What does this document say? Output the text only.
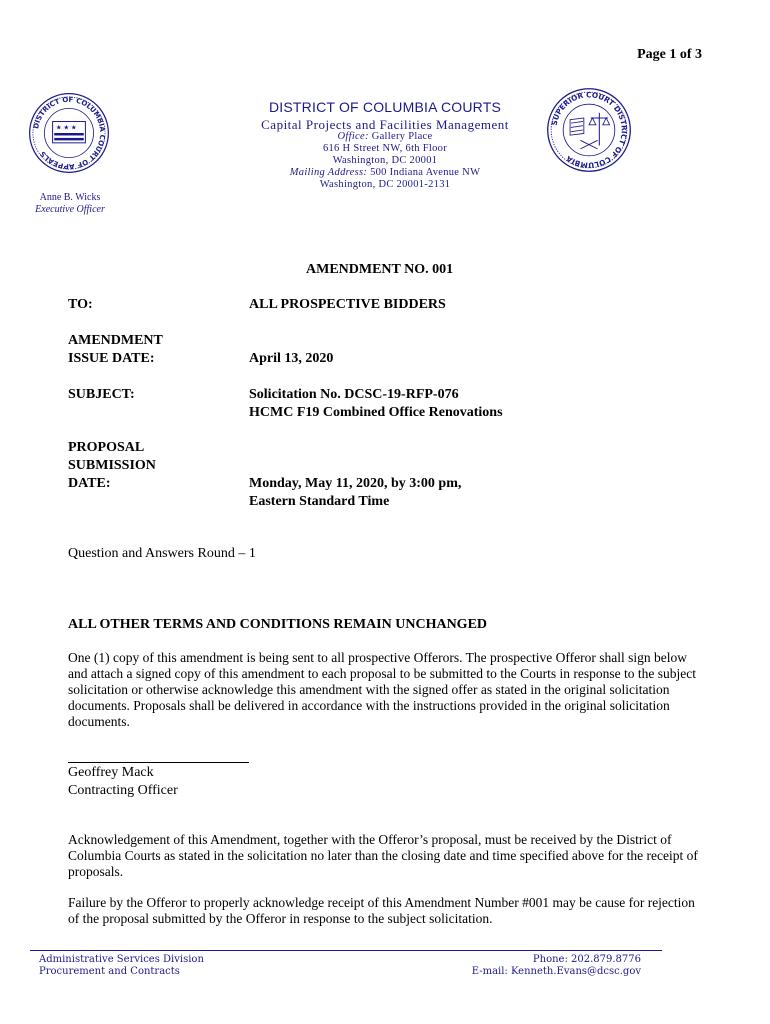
Page 1 of 3
DISTRICT OF COLUMBIA COURT OF APPEALS
★ ★ ★
SUPERIOR COURT DISTRICT OF COLUMBIA
DISTRICT OF COLUMBIA COURTS
Capital Projects and Facilities Management
Office: Gallery Place
616 H Street NW, 6th Floor
Washington, DC 20001
Mailing Address: 500 Indiana Avenue NW
Washington, DC 20001-2131
Anne B. Wicks
Executive Officer
AMENDMENT NO. 001
TO:	ALL PROSPECTIVE BIDDERS
AMENDMENT
ISSUE DATE:	April 13, 2020
SUBJECT:	Solicitation No. DCSC-19-RFP-076
HCMC F19 Combined Office Renovations
PROPOSAL
SUBMISSION
DATE:	Monday, May 11, 2020, by 3:00 pm,
Eastern Standard Time
Question and Answers Round – 1
ALL OTHER TERMS AND CONDITIONS REMAIN UNCHANGED
One (1) copy of this amendment is being sent to all prospective Offerors. The prospective Offeror shall sign below and attach a signed copy of this amendment to each proposal to be submitted to the Courts in response to the subject solicitation or otherwise acknowledge this amendment with the signed offer as stated in the original solicitation documents. Proposals shall be delivered in accordance with the instructions provided in the original solicitation documents.
Geoffrey Mack
Contracting Officer
Acknowledgement of this Amendment, together with the Offeror’s proposal, must be received by the District of Columbia Courts as stated in the solicitation no later than the closing date and time specified above for the receipt of proposals.
Failure by the Offeror to properly acknowledge receipt of this Amendment Number #001 may be cause for rejection of the proposal submitted by the Offeror in response to the subject solicitation.
Administrative Services Division
Procurement and Contracts
Phone: 202.879.8776
E-mail: Kenneth.Evans@dcsc.gov
